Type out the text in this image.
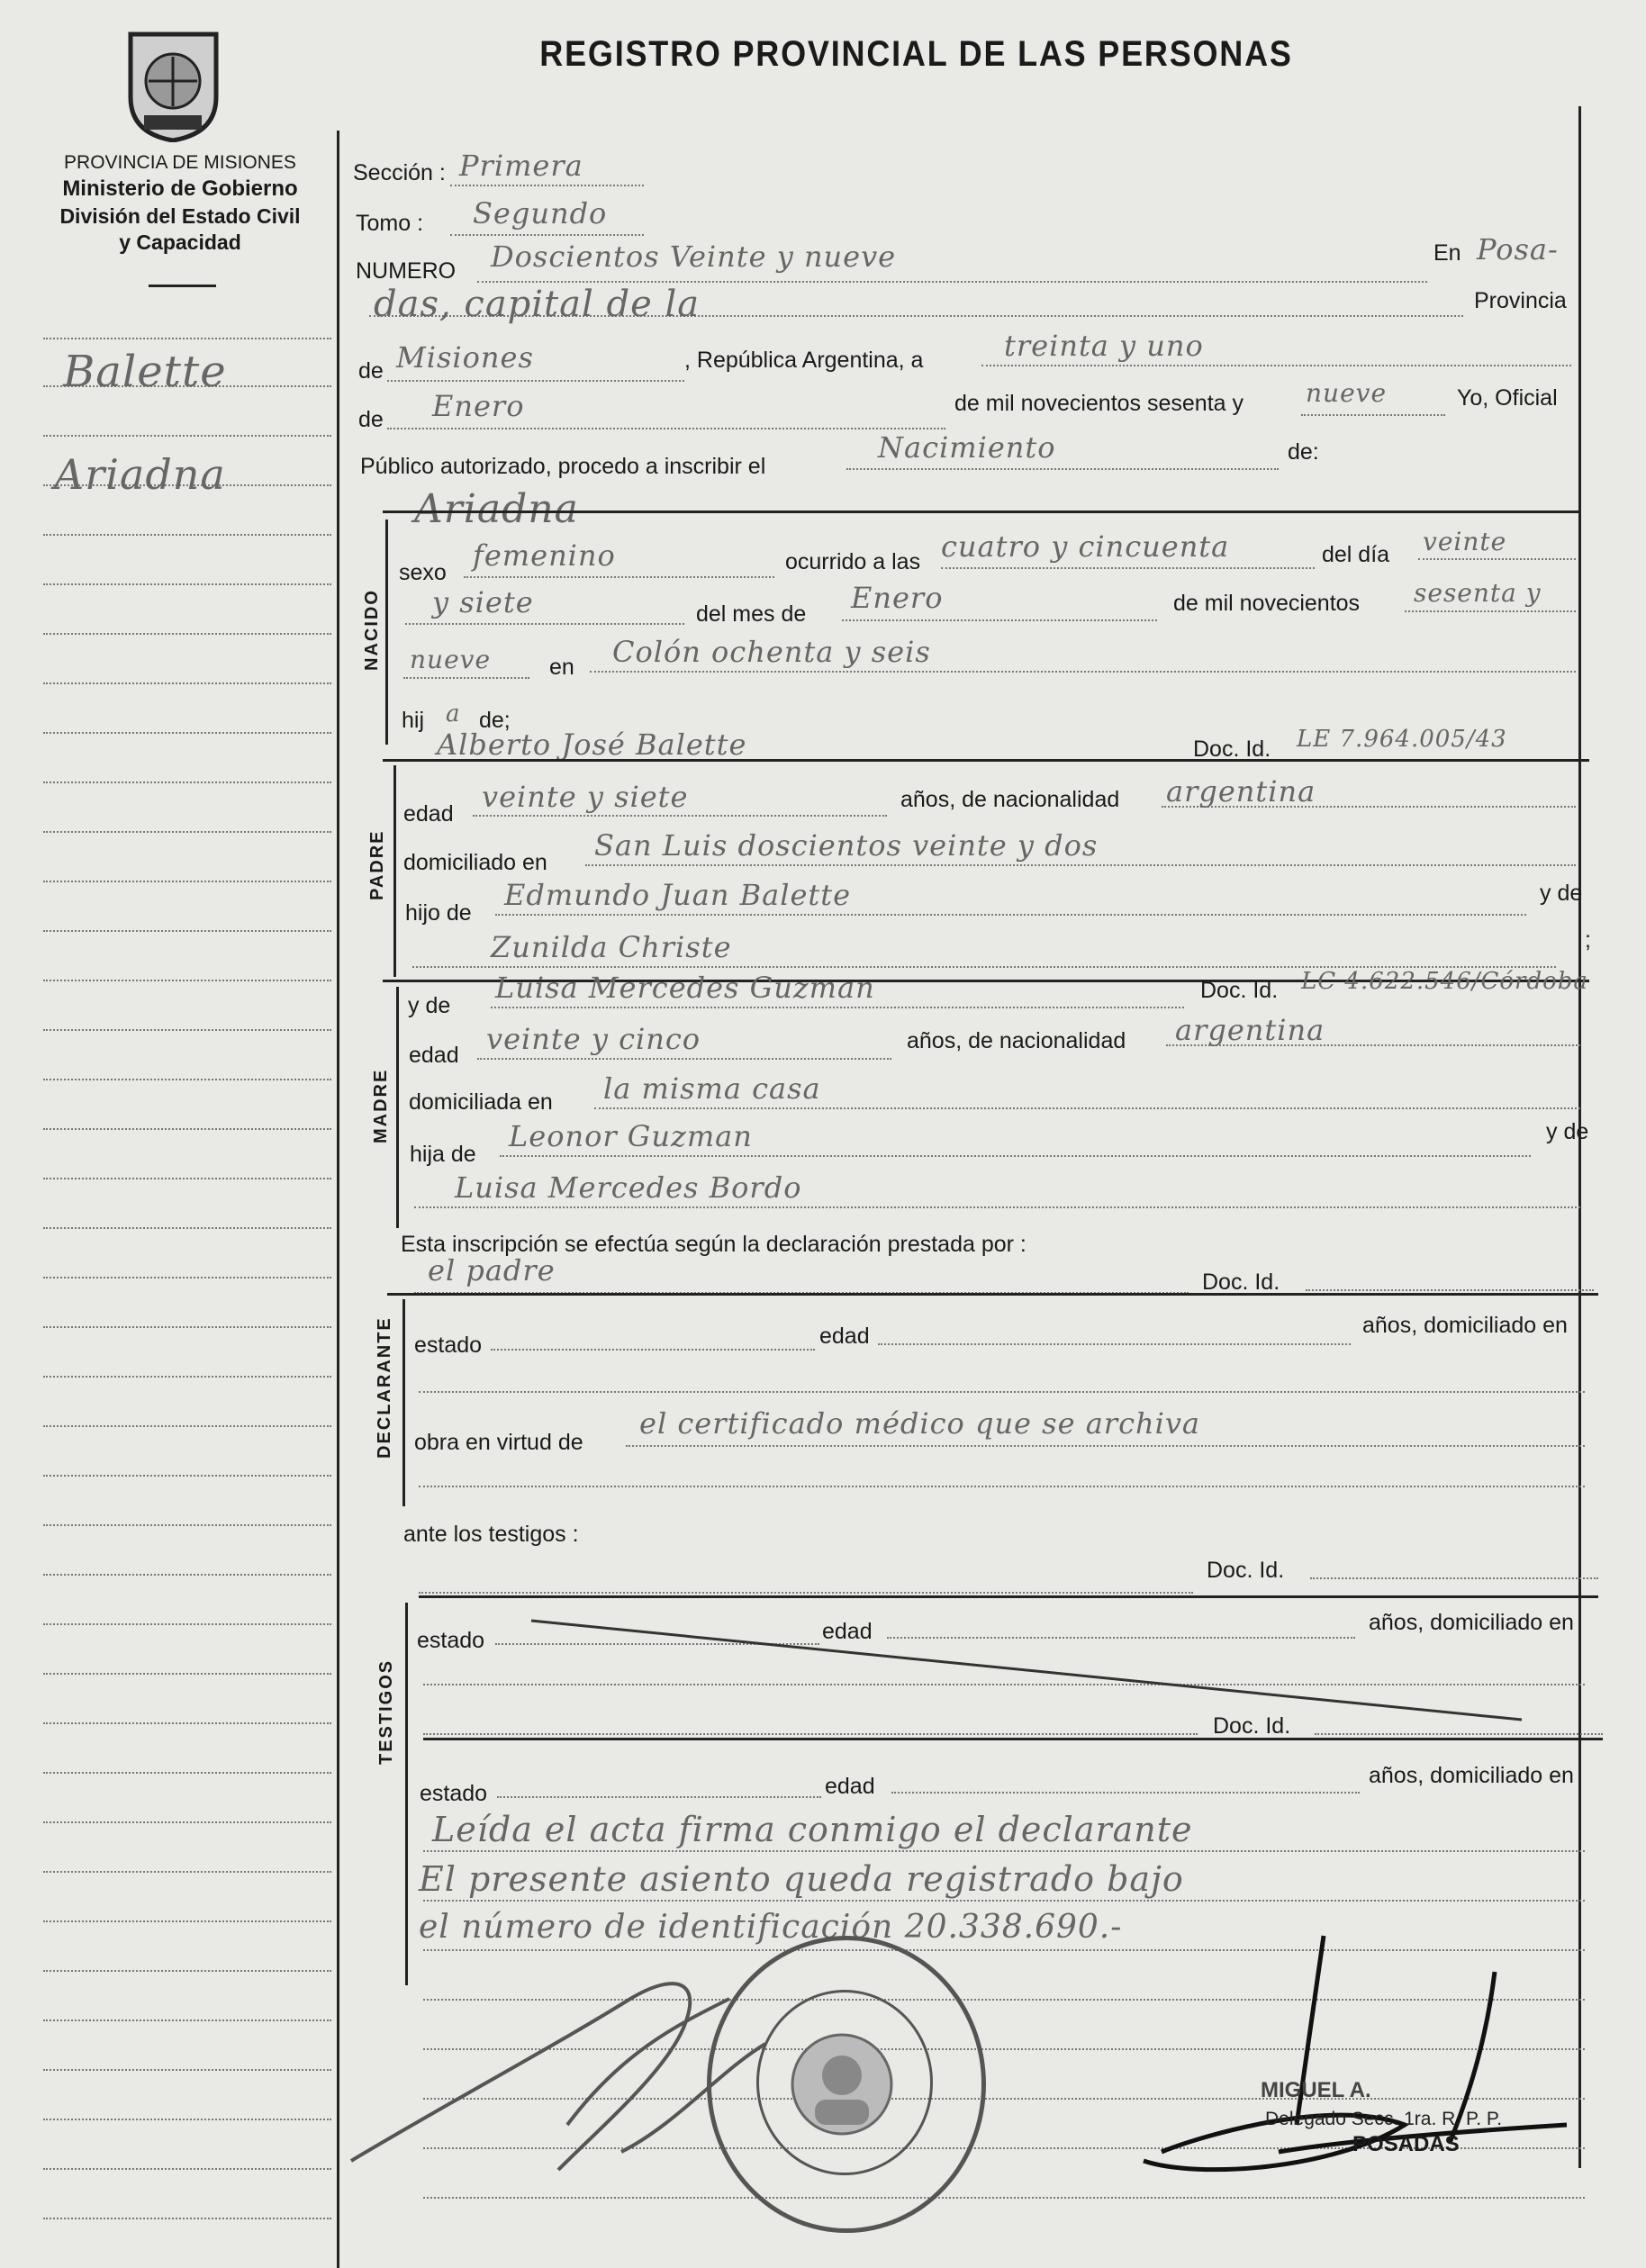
REGISTRO PROVINCIAL DE LAS PERSONAS
PROVINCIA DE MISIONES
Ministerio de Gobierno
División del Estado Civil
y Capacidad
Balette
Ariadna
Sección : Primera
Tomo : Segundo
NUMERO Doscientos Veinte y nueve	En Posa-
das, capital de la	Provincia
de Misiones	, República Argentina, a	treinta y uno
de Enero	de mil novecientos sesenta y nueve	Yo, Oficial
Público autorizado, procedo a inscribir el
Nacimiento	de:
Ariadna
NACIDO
sexo femenino	ocurrido a las cuatro y cincuenta	del día veinte
y siete	del mes de Enero	de mil novecientos sesenta y
nueve	en Colón ochenta y seis
hij a de;
Alberto José Balette	Doc. Id. LE 7.964.005/43
PADRE
edad veinte y siete	años, de nacionalidad argentina
domiciliado en San Luis doscientos veinte y dos
hijo de
Edmundo Juan Balette	y de
Zunilda Christe	;
MADRE
y de
Luisa Mercedes Guzman	Doc. Id. LC 4.622.546/Córdoba
edad veinte y cinco	años, de nacionalidad argentina
domiciliada en la misma casa
hija de
Leonor Guzman	y de
Luisa Mercedes Bordo
Esta inscripción se efectúa según la declaración prestada por :
el padre	Doc. Id.
DECLARANTE estado	edad	años, domiciliado en
obra en virtud de
el certificado médico que se archiva
ante los testigos :
Doc. Id.
TESTIGOS
estado	edad	años, domiciliado en
Doc. Id.
estado	edad	años, domiciliado en
Leída el acta firma conmigo el declarante
El presente asiento queda registrado bajo
el número de identificación 20.338.690.-
MIGUEL A.
Delegado Secc. 1ra. R. P. P.
POSADAS
